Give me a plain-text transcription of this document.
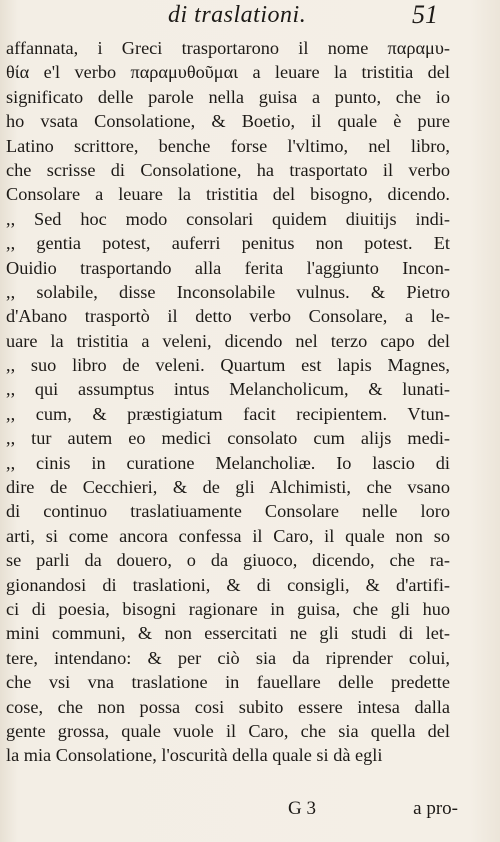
di traslationi.	51
affannata, i Greci trasportarono il nome παραμυ-
θία e'l verbo παραμυθοῦμαι a leuare la tristitia del
significato delle parole nella guisa a punto, che io
ho vsata Consolatione, & Boetio, il quale è pure
Latino scrittore, benche forse l'vltimo, nel libro,
che scrisse di Consolatione, ha trasportato il verbo
Consolare a leuare la tristitia del bisogno, dicendo.
,, Sed hoc modo consolari quidem diuitijs indi-
,, gentia potest, auferri penitus non potest. Et
Ouidio trasportando alla ferita l'aggiunto Incon-
,, solabile, disse Inconsolabile vulnus. & Pietro
d'Abano trasportò il detto verbo Consolare, a le-
uare la tristitia a veleni, dicendo nel terzo capo del
,, suo libro de veleni. Quartum est lapis Magnes,
,, qui assumptus intus Melancholicum, & lunati-
,, cum, & præstigiatum facit recipientem. Vtun-
,, tur autem eo medici consolato cum alijs medi-
,, cinis in curatione Melancholiæ. Io lascio di
dire de Cecchieri, & de gli Alchimisti, che vsano
di continuo traslatiuamente Consolare nelle loro
arti, si come ancora confessa il Caro, il quale non so
se parli da douero, o da giuoco, dicendo, che ra-
gionandosi di traslationi, & di consigli, & d'artifi-
ci di poesia, bisogni ragionare in guisa, che gli huo
mini communi, & non essercitati ne gli studi di let-
tere, intendano: & per ciò sia da riprender colui,
che vsi vna traslatione in fauellare delle predette
cose, che non possa cosi subito essere intesa dalla
gente grossa, quale vuole il Caro, che sia quella del
la mia Consolatione, l'oscurità della quale si dà egli
G 3	a pro-
